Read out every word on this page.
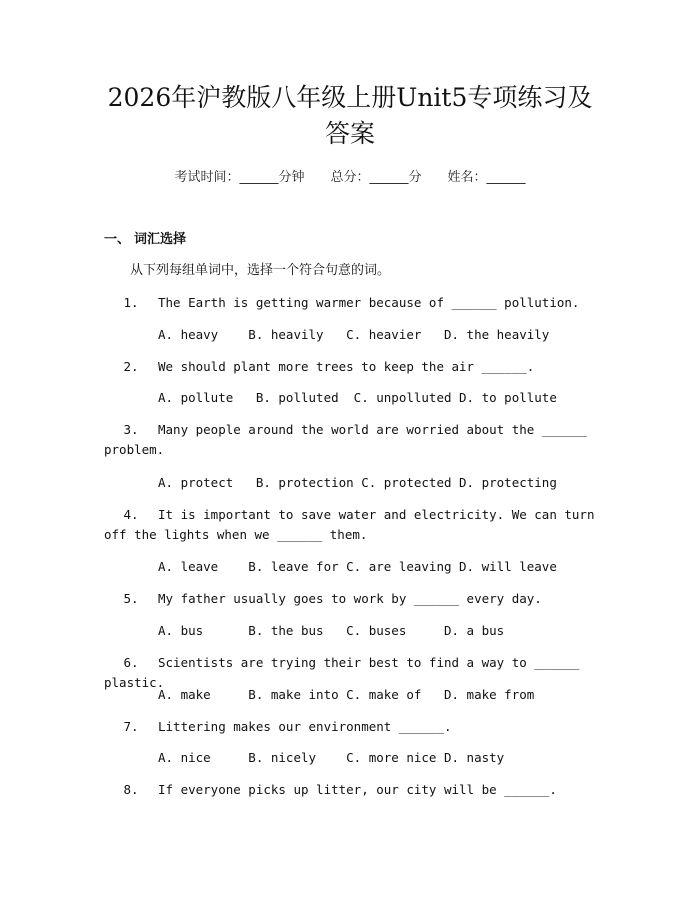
2026年沪教版八年级上册Unit5专项练习及
答案
考试时间：______分钟 总分：______分 姓名：______
一、 词汇选择
从下列每组单词中，选择一个符合句意的词。
1. The Earth is getting warmer because of ______ pollution.
A. heavy    B. heavily   C. heavier   D. the heavily
2. We should plant more trees to keep the air ______.
A. pollute   B. polluted  C. unpolluted D. to pollute
3. Many people around the world are worried about the ______ problem.
A. protect   B. protection C. protected D. protecting
4. It is important to save water and electricity. We can turn off the lights when we ______ them.
A. leave    B. leave for C. are leaving D. will leave
5. My father usually goes to work by ______ every day.
A. bus      B. the bus   C. buses     D. a bus
6. Scientists are trying their best to find a way to ______ plastic.
A. make     B. make into C. make of   D. make from
7. Littering makes our environment ______.
A. nice     B. nicely    C. more nice D. nasty
8. If everyone picks up litter, our city will be ______.
